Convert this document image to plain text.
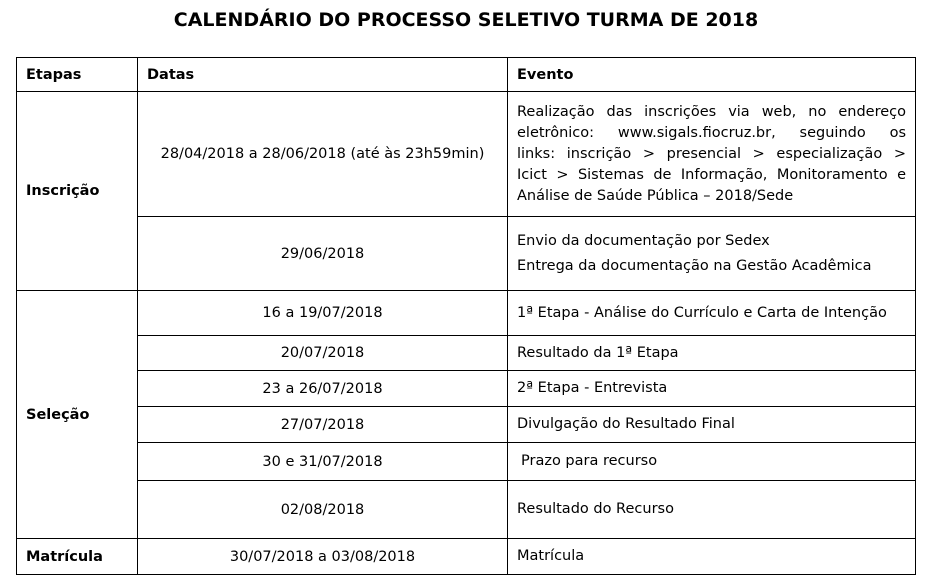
CALENDÁRIO DO PROCESSO SELETIVO TURMA DE 2018
Etapas	Datas	Evento
Inscrição	28/04/2018 a 28/06/2018 (até às 23h59min)	Realização das inscrições via web, no endereço
eletrônico: www.sigals.fiocruz.br, seguindo os
links: inscrição > presencial > especialização >
Icict > Sistemas de Informação, Monitoramento e
Análise de Saúde Pública – 2018/Sede

	29/06/2018	Envio da documentação por Sedex

Entrega da documentação na Gestão Acadêmica

Seleção	16 a 19/07/2018	1ª Etapa - Análise do Currículo e Carta de Intenção
	20/07/2018	Resultado da 1ª Etapa
	23 a 26/07/2018	2ª Etapa - Entrevista
	27/07/2018	Divulgação do Resultado Final
	30 e 31/07/2018	Prazo para recurso
	02/08/2018	Resultado do Recurso
Matrícula	30/07/2018 a 03/08/2018	Matrícula
